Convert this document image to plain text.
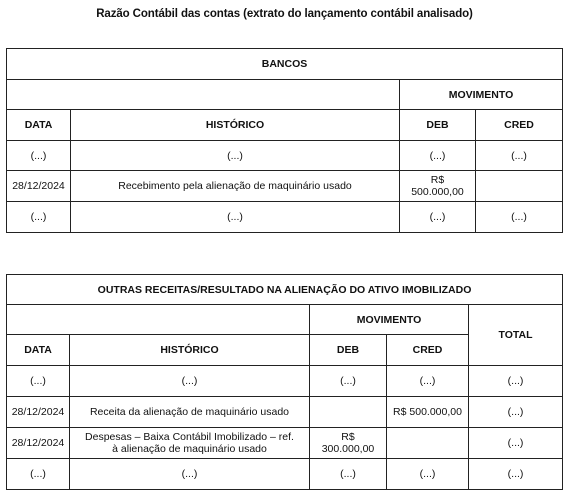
Razão Contábil das contas (extrato do lançamento contábil analisado)
BANCOS			
		MOVIMENTO	
DATA	HISTÓRICO	DEB	CRED
(...)	(...)	(...)	(...)
28/12/2024	Recebimento pela alienação de maquinário usado	R$ 500.000,00	
(...)	(...)	(...)	(...)
OUTRAS RECEITAS/RESULTADO NA ALIENAÇÃO DO ATIVO IMOBILIZADO				
		MOVIMENTO		TOTAL
DATA	HISTÓRICO	DEB	CRED	
(...)	(...)	(...)	(...)	(...)
28/12/2024	Receita da alienação de maquinário usado		R$ 500.000,00	(...)
28/12/2024	Despesas – Baixa Contábil Imobilizado – ref.
à alienação de maquinário usado	R$ 300.000,00		(...)
(...)	(...)	(...)	(...)	(...)
